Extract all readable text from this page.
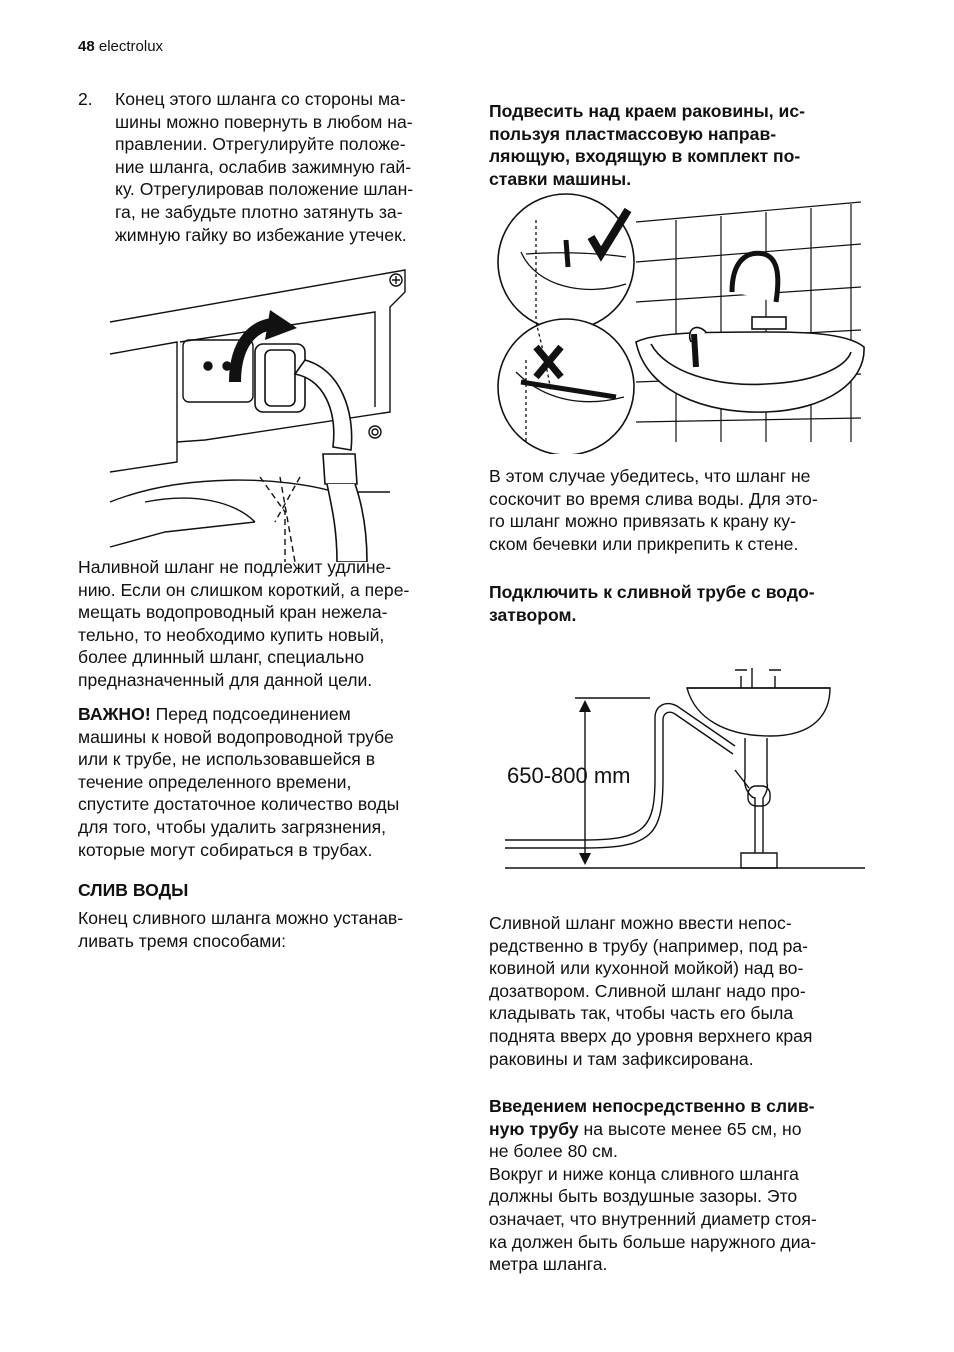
48 electrolux
2. Конец этого шланга со стороны ма-
шины можно повернуть в любом на-
правлении. Отрегулируйте положе-
ние шланга, ослабив зажимную гай-
ку. Отрегулировав положение шлан-
га, не забудьте плотно затянуть за-
жимную гайку во избежание утечек.
Наливной шланг не подлежит удлине-
нию. Если он слишком короткий, а пере-
мещать водопроводный кран нежела-
тельно, то необходимо купить новый,
более длинный шланг, специально
предназначенный для данной цели.
ВАЖНО! Перед подсоединением
машины к новой водопроводной трубе
или к трубе, не использовавшейся в
течение определенного времени,
спустите достаточное количество воды
для того, чтобы удалить загрязнения,
которые могут собираться в трубах.
СЛИВ ВОДЫ
Конец сливного шланга можно устанав-
ливать тремя способами:
Подвесить над краем раковины, ис-
пользуя пластмассовую направ-
ляющую, входящую в комплект по-
ставки машины.
В этом случае убедитесь, что шланг не
соскочит во время слива воды. Для это-
го шланг можно привязать к крану ку-
ском бечевки или прикрепить к стене.
Подключить к сливной трубе с водо-
затвором.
650-800 mm
Сливной шланг можно ввести непос-
редственно в трубу (например, под ра-
ковиной или кухонной мойкой) над во-
дозатвором. Сливной шланг надо про-
кладывать так, чтобы часть его была
поднята вверх до уровня верхнего края
раковины и там зафиксирована.
Введением непосредственно в слив-
ную трубу на высоте менее 65 см, но
не более 80 см.
Вокруг и ниже конца сливного шланга
должны быть воздушные зазоры. Это
означает, что внутренний диаметр стоя-
ка должен быть больше наружного диа-
метра шланга.
